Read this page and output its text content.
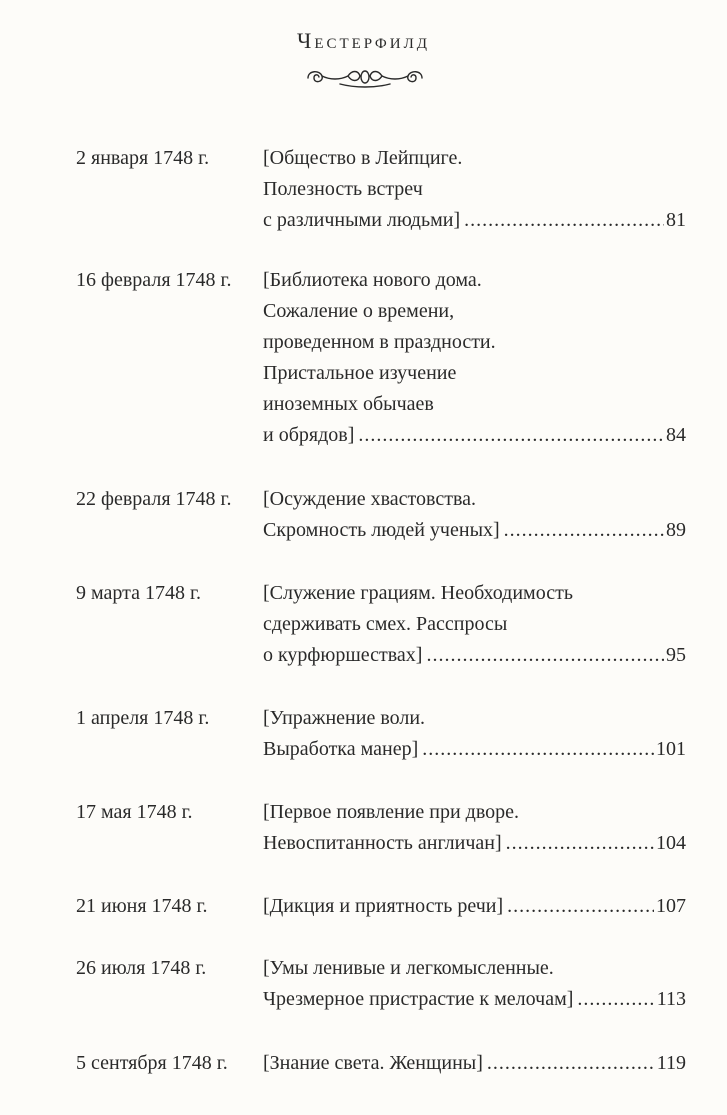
Честерфилд
2 января 1748 г.	[Общество в Лейпциге.
Полезность встреч
с различными людьми] .....	81
16 февраля 1748 г. [Библиотека нового дома.
Сожаление о времени,
проведенном в праздности.
Пристальное изучение
иноземных обычаев
и обрядов] .....	84
22 февраля 1748 г. [Осуждение хвастовства.
Скромность людей ученых] .....	89
9 марта 1748 г.	[Служение грациям. Необходимость
сдерживать смех. Расспросы
о курфюршествах] .....	95
1 апреля 1748 г.	[Упражнение воли.
Выработка манер] .....	101
17 мая 1748 г.	[Первое появление при дворе.
Невоспитанность англичан] .....	104
21 июня 1748 г.	[Дикция и приятность речи] .....	107
26 июля 1748 г.	[Умы ленивые и легкомысленные.
Чрезмерное пристрастие к мелочам] .....	113
5 сентября 1748 г. [Знание света. Женщины] .....	119
